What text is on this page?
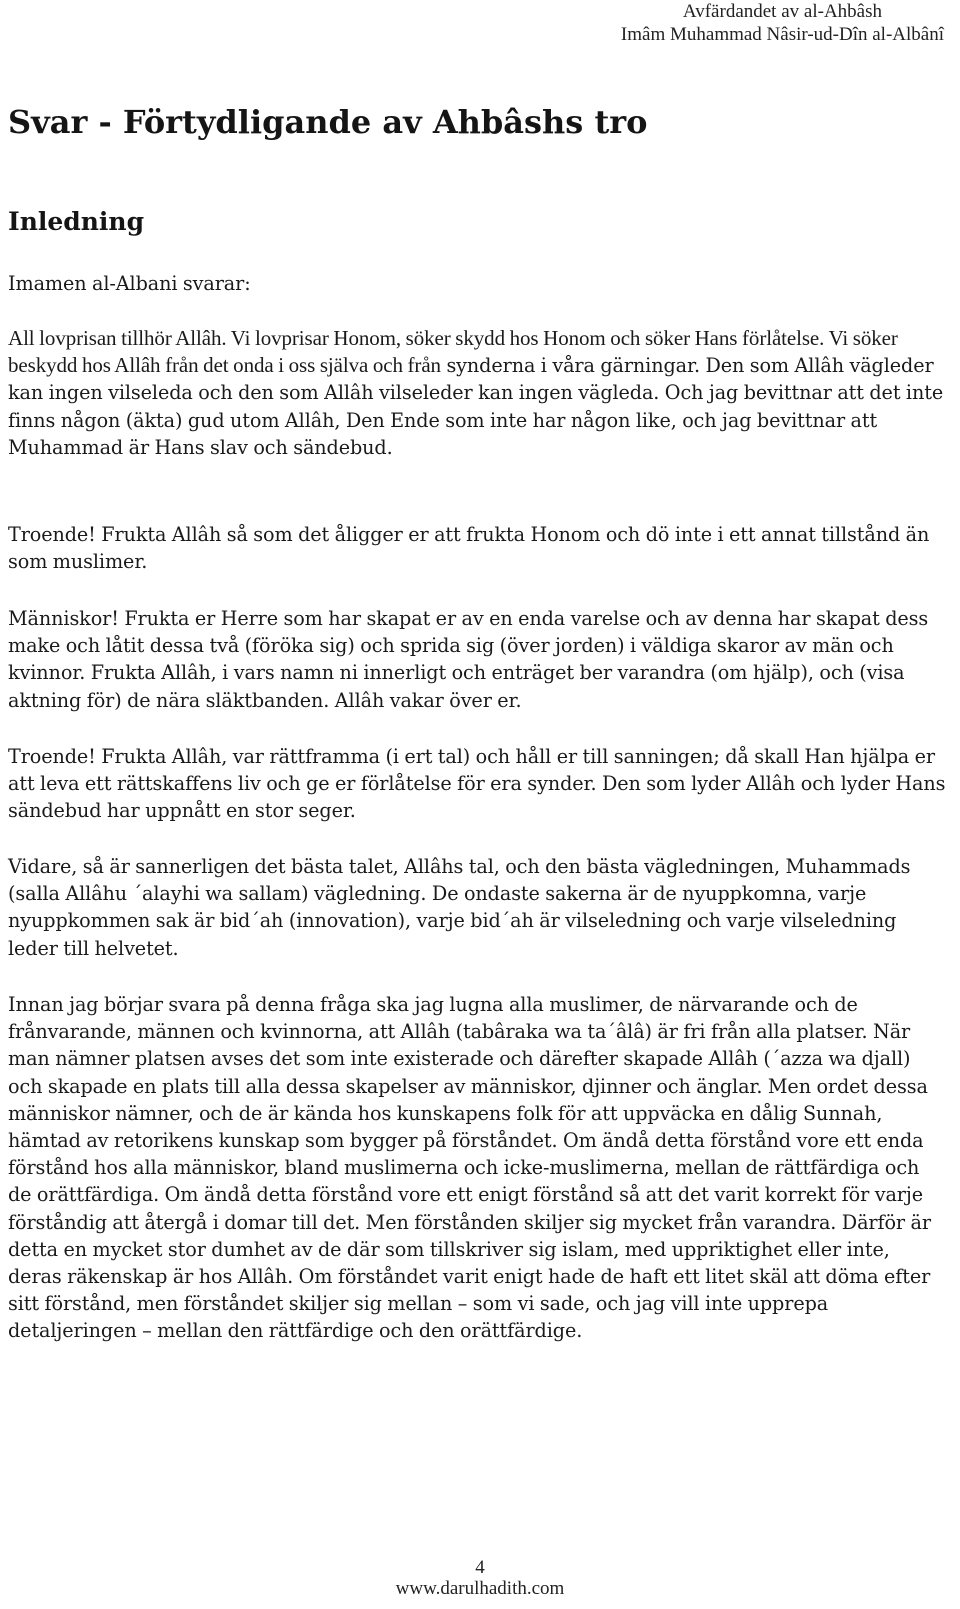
Avfärdandet av al-Ahbâsh
Imâm Muhammad Nâsir-ud-Dîn al-Albânî
Svar - Förtydligande av Ahbâshs tro
Inledning

Imamen al-Albani svarar:

All lovprisan tillhör Allâh. Vi lovprisar Honom, söker skydd hos Honom och söker Hans förlåtelse. Vi söker beskydd hos Allâh från det onda i oss själva och från synderna i våra gärningar. Den som Allâh vägleder kan ingen vilseleda och den som Allâh vilseleder kan ingen vägleda. Och jag bevittnar att det inte finns någon (äkta) gud utom Allâh, Den Ende som inte har någon like, och jag bevittnar att Muhammad är Hans slav och sändebud.

Troende! Frukta Allâh så som det åligger er att frukta Honom och dö inte i ett annat tillstånd än som muslimer.

Människor! Frukta er Herre som har skapat er av en enda varelse och av denna har skapat dess make och låtit dessa två (föröka sig) och sprida sig (över jorden) i väldiga skaror av män och kvinnor. Frukta Allâh, i vars namn ni innerligt och enträget ber varandra (om hjälp), och (visa aktning för) de nära släktbanden. Allâh vakar över er.

Troende! Frukta Allâh, var rättframma (i ert tal) och håll er till sanningen; då skall Han hjälpa er att leva ett rättskaffens liv och ge er förlåtelse för era synder. Den som lyder Allâh och lyder Hans sändebud har uppnått en stor seger.

Vidare, så är sannerligen det bästa talet, Allâhs tal, och den bästa vägledningen, Muhammads (salla Allâhu ´alayhi wa sallam) vägledning. De ondaste sakerna är de nyuppkomna, varje nyuppkommen sak är bid´ah (innovation), varje bid´ah är vilseledning och varje vilseledning leder till helvetet.

Innan jag börjar svara på denna fråga ska jag lugna alla muslimer, de närvarande och de frånvarande, männen och kvinnorna, att Allâh (tabâraka wa ta´âlâ) är fri från alla platser. När man nämner platsen avses det som inte existerade och därefter skapade Allâh (´azza wa djall) och skapade en plats till alla dessa skapelser av människor, djinner och änglar. Men ordet dessa människor nämner, och de är kända hos kunskapens folk för att uppväcka en dålig Sunnah, hämtad av retorikens kunskap som bygger på förståndet. Om ändå detta förstånd vore ett enda förstånd hos alla människor, bland muslimerna och icke-muslimerna, mellan de rättfärdiga och de orättfärdiga. Om ändå detta förstånd vore ett enigt förstånd så att det varit korrekt för varje förståndig att återgå i domar till det. Men förstånden skiljer sig mycket från varandra. Därför är detta en mycket stor dumhet av de där som tillskriver sig islam, med uppriktighet eller inte, deras räkenskap är hos Allâh. Om förståndet varit enigt hade de haft ett litet skäl att döma efter sitt förstånd, men förståndet skiljer sig mellan – som vi sade, och jag vill inte upprepa detaljeringen – mellan den rättfärdige och den orättfärdige.

4
www.darulhadith.com
